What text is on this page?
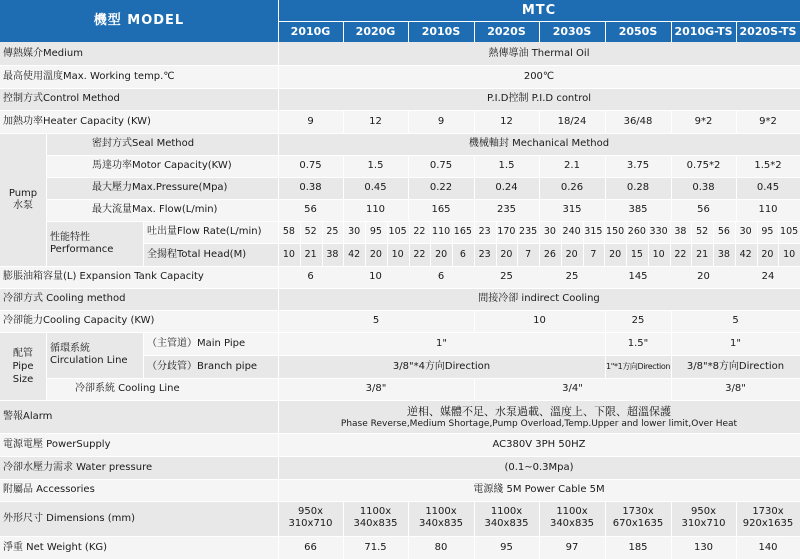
機型 MODEL
MTC
2010G	2020G	2010S	2020S	2030S	2050S	2010G-TS 2020S-TS
傳熱媒介Medium	熱傳導油 Thermal Oil
最高使用溫度Max. Working temp.℃	200℃
控制方式Control Method	P.I.D控制 P.I.D control
加熱功率Heater Capacity (KW)	9	12	9	12	18/24	36/48	9*2	9*2
Pump
水泵
密封方式Seal Method	機械軸封 Mechanical Method
馬達功率Motor Capacity(KW)	0.75	1.5	0.75	1.5	2.1	3.75	0.75*2	1.5*2
最大壓力Max.Pressure(Mpa)	0.38	0.45	0.22	0.24	0.26	0.28	0.38	0.45
最大流量Max. Flow(L/min)	56	110	165	235	315	385	56	110
性能特性
Performance
吐出量Flow Rate(L/min)
全揚程Total Head(M)
58
10
52
21
25
38
30
42
95
20
105
10
22
22
110
20
165
6
23
23
170
20
235
7
30
26
240
20
315
7
150
20
260
15
330
10
38
22
52
21
56
38
30
42
95
20
105
10
膨脹油箱容量(L) Expansion Tank Capacity	6	10	6	25	25	145	20	24
冷卻方式 Cooling method	間接冷卻 indirect Cooling
冷卻能力Cooling Capacity (KW)	5	10	25	5
配管
Pipe
Size
循環系統
Circulation Line
（主管道）Main Pipe	1"	1.5"	1"
（分歧管）Branch pipe	3/8"*4方向Direction	1"*1方向Direction	3/8"*8方向Direction
冷卻系統 Cooling Line	3/8"	3/4"	3/8"
警報Alarm	逆相、媒體不足、水泵過載、溫度上、下限、超溫保護
Phase Reverse,Medium Shortage,Pump Overload,Temp.Upper and lower limit,Over Heat
電源電壓 PowerSupply	AC380V 3PH 50HZ
冷卻水壓力需求 Water pressure	(0.1~0.3Mpa)
附屬品 Accessories	電源綫 5M Power Cable 5M
外形尺寸 Dimensions (mm)
950x
310x710
1100x
340x835
1100x
340x835
1100x
340x835
1100x
340x835
1730x
670x1635
950x
310x710
1730x
920x1635
淨重 Net Weight (KG)	66	71.5	80	95	97	185	130	140
